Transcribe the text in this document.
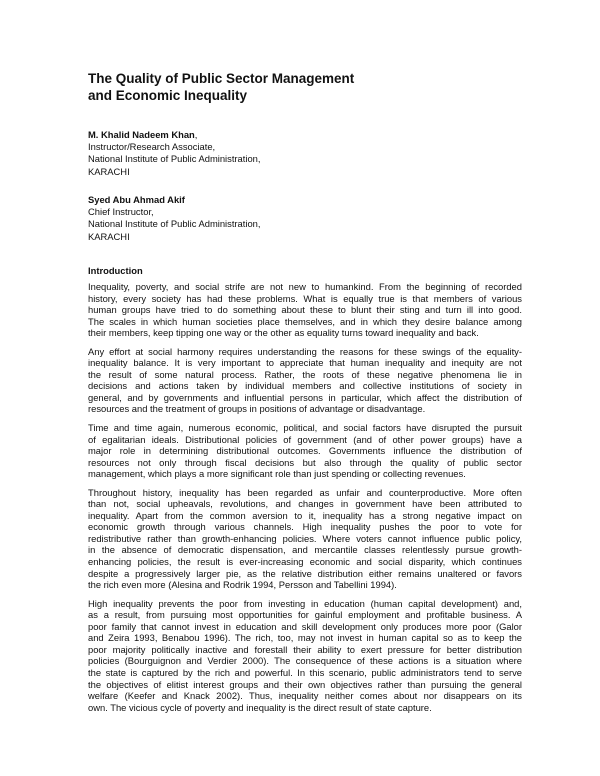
The Quality of Public Sector Management
and Economic Inequality
M. Khalid Nadeem Khan,
Instructor/Research Associate,
National Institute of Public Administration,
KARACHI
Syed Abu Ahmad Akif
Chief Instructor,
National Institute of Public Administration,
KARACHI
Introduction

Inequality, poverty, and social strife are not new to humankind. From the beginning of recorded
history, every society has had these problems. What is equally true is that members of various
human groups have tried to do something about these to blunt their sting and turn ill into good.
The scales in which human societies place themselves, and in which they desire balance among
their members, keep tipping one way or the other as equality turns toward inequality and back.

Any effort at social harmony requires understanding the reasons for these swings of the equality-
inequality balance. It is very important to appreciate that human inequality and inequity are not
the result of some natural process. Rather, the roots of these negative phenomena lie in
decisions and actions taken by individual members and collective institutions of society in
general, and by governments and influential persons in particular, which affect the distribution of
resources and the treatment of groups in positions of advantage or disadvantage.

Time and time again, numerous economic, political, and social factors have disrupted the pursuit
of egalitarian ideals. Distributional policies of government (and of other power groups) have a
major role in determining distributional outcomes. Governments influence the distribution of
resources not only through fiscal decisions but also through the quality of public sector
management, which plays a more significant role than just spending or collecting revenues.

Throughout history, inequality has been regarded as unfair and counterproductive. More often
than not, social upheavals, revolutions, and changes in government have been attributed to
inequality. Apart from the common aversion to it, inequality has a strong negative impact on
economic growth through various channels. High inequality pushes the poor to vote for
redistributive rather than growth-enhancing policies. Where voters cannot influence public policy,
in the absence of democratic dispensation, and mercantile classes relentlessly pursue growth-
enhancing policies, the result is ever-increasing economic and social disparity, which continues
despite a progressively larger pie, as the relative distribution either remains unaltered or favors
the rich even more (Alesina and Rodrik 1994, Persson and Tabellini 1994).

High inequality prevents the poor from investing in education (human capital development) and,
as a result, from pursuing most opportunities for gainful employment and profitable business. A
poor family that cannot invest in education and skill development only produces more poor (Galor
and Zeira 1993, Benabou 1996). The rich, too, may not invest in human capital so as to keep the
poor majority politically inactive and forestall their ability to exert pressure for better distribution
policies (Bourguignon and Verdier 2000). The consequence of these actions is a situation where
the state is captured by the rich and powerful. In this scenario, public administrators tend to serve
the objectives of elitist interest groups and their own objectives rather than pursuing the general
welfare (Keefer and Knack 2002). Thus, inequality neither comes about nor disappears on its
own. The vicious cycle of poverty and inequality is the direct result of state capture.
